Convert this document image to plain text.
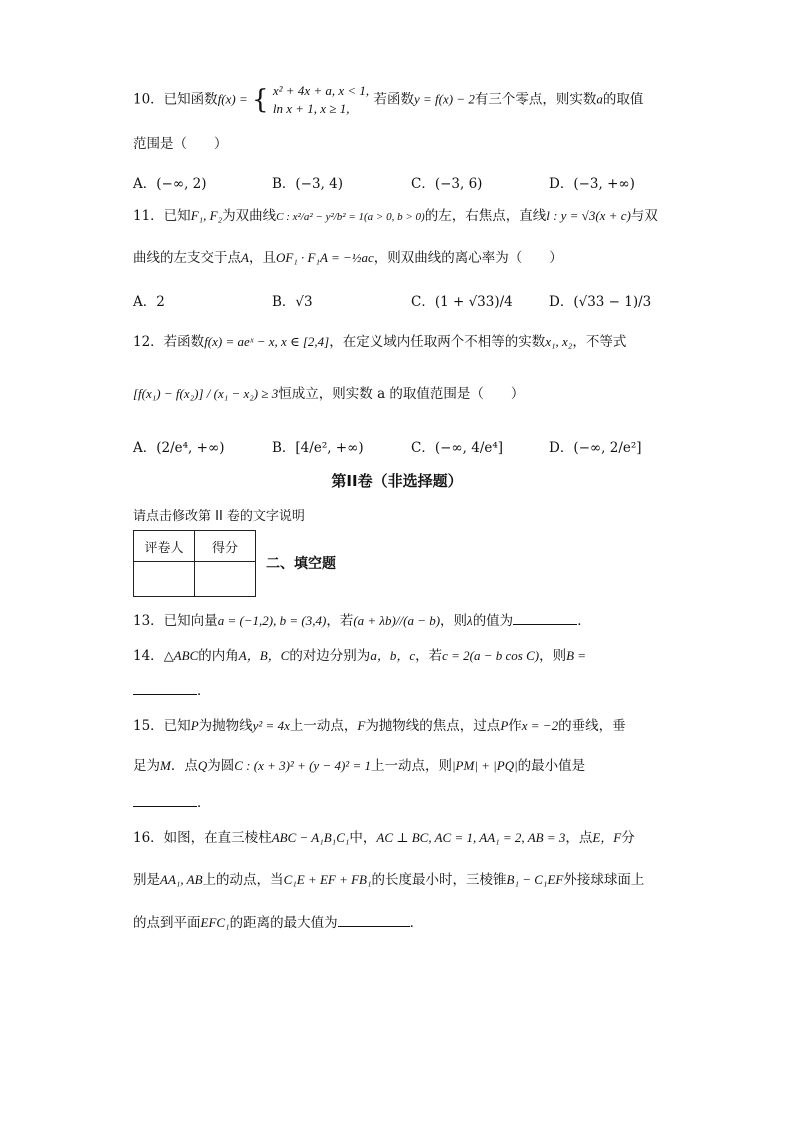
10．已知函数f(x) = { x² + 4x + a, x < 1,
ln x + 1, x ≥ 1,
若函数y = f(x) − 2有三个零点，则实数a的取值
范围是（　　）
A．(−∞, 2)	B．(−3, 4)	C．(−3, 6)	D．(−3, +∞)
11．已知F₁, F₂为双曲线C : x²/a² − y²/b² = 1(a > 0, b > 0)的左，右焦点，直线l : y = √3(x + c)与双
曲线的左支交于点A，且OF₁ · F₁A = −½ac，则双曲线的离心率为（　　）
A．2	B．√3	C．(1 + √33)/4	D．(√33 − 1)/3
12．若函数f(x) = aeˣ − x, x ∈ [2,4]，在定义域内任取两个不相等的实数x₁, x₂，不等式
[f(x₁) − f(x₂)] / (x₁ − x₂) ≥ 3恒成立，则实数 a 的取值范围是（　　）
A．(2/e⁴, +∞)	B．[4/e², +∞)	C．(−∞, 4/e⁴]	D．(−∞, 2/e²]
第II卷（非选择题）
请点击修改第 II 卷的文字说明
评卷人	得分

二、填空题
13．已知向量a = (−1,2), b = (3,4)，若(a + λb)//(a − b)，则λ的值为	．
14．△ABC的内角A，B，C的对边分别为a，b，c，若c = 2(a − b cos C)，则B =
．
15．已知P为抛物线y² = 4x上一动点，F为抛物线的焦点，过点P作x = −2的垂线，垂
足为M．点Q为圆C : (x + 3)² + (y − 4)² = 1上一动点，则|PM| + |PQ|的最小值是
．
16．如图，在直三棱柱ABC − A₁B₁C₁中，AC ⊥ BC, AC = 1, AA₁ = 2, AB = 3，点E，F分
别是AA₁, AB上的动点，当C₁E + EF + FB₁的长度最小时，三棱锥B₁ − C₁EF外接球球面上
的点到平面EFC₁的距离的最大值为	．
